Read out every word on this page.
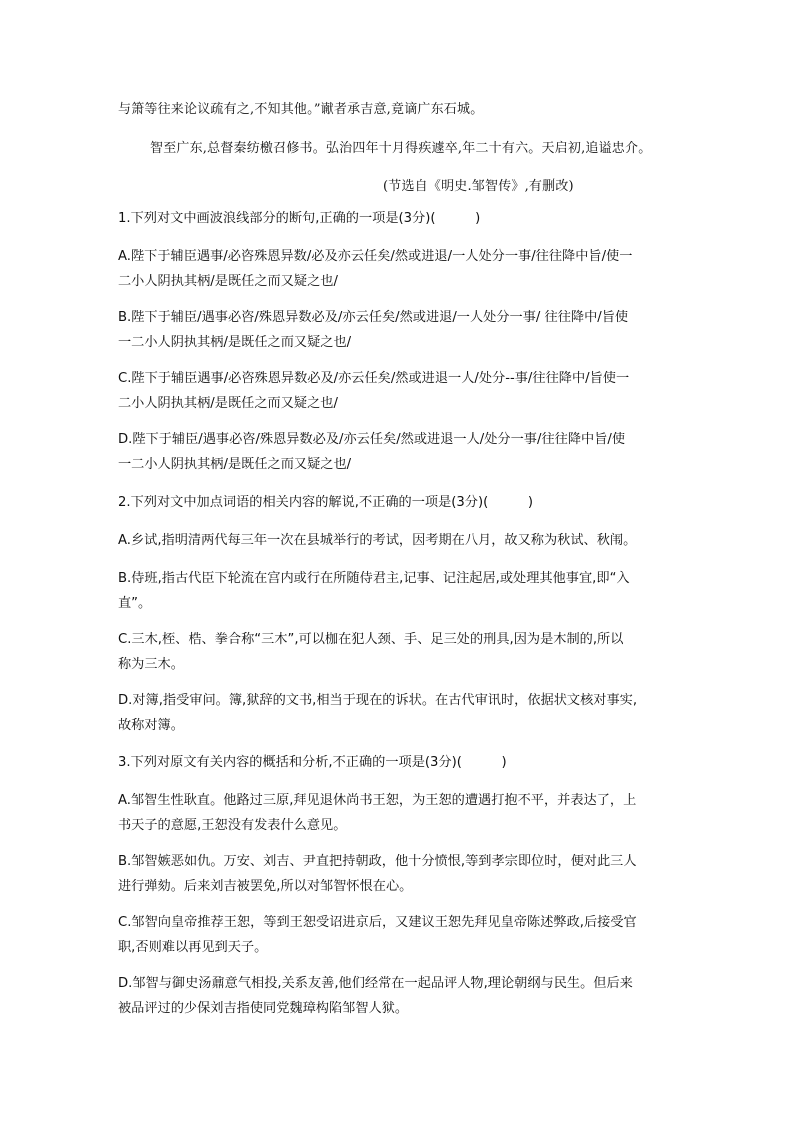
与箫等往来论议疏有之,不知其他。”谳者承吉意,竟谪广东石城。
智至广东,总督秦纺檄召修书。弘治四年十月得疾遽卒,年二十有六。天启初,追谥忠介。
(节选自《明史.邹智传》,有删改)
1.下列对文中画波浪线部分的断句,正确的一项是(3分)(　　　)
A.陛下于辅臣遇事/必咨殊恩异数/必及亦云任矣/然或进退/一人处分一事/往往降中旨/使一
二小人阴执其柄/是既任之而又疑之也/
B.陛下于辅臣/遇事必咨/殊恩异数必及/亦云任矣/然或进退/一人处分一事/ 往往降中/旨使
一二小人阴执其柄/是既任之而又疑之也/
C.陛下于辅臣遇事/必咨殊恩异数必及/亦云任矣/然或进退一人/处分--事/往往降中/旨使一
二小人阴执其柄/是既任之而又疑之也/
D.陛下于辅臣/遇事必咨/殊恩异数必及/亦云任矣/然或进退一人/处分一事/往往降中旨/使
一二小人阴执其柄/是既任之而又疑之也/
2.下列对文中加点词语的相关内容的解说,不正确的一项是(3分)(　　　)
A.乡试,指明清两代每三年一次在县城举行的考试，因考期在八月，故又称为秋试、秋闱。
B.侍班,指古代臣下轮流在宫内或行在所随侍君主,记事、记注起居,或处理其他事宜,即“入
直”。
C.三木,桎、梏、拳合称“三木”,可以枷在犯人颈、手、足三处的刑具,因为是木制的,所以
称为三木。
D.对簿,指受审问。簿,狱辞的文书,相当于现在的诉状。在古代审讯时，依据状文核对事实,
故称对簿。
3.下列对原文有关内容的概括和分析,不正确的一项是(3分)(　　　)
A.邹智生性耿直。他路过三原,拜见退休尚书王恕，为王恕的遭遇打抱不平，并表达了，上
书天子的意愿,王恕没有发表什么意见。
B.邹智嫉恶如仇。万安、刘吉、尹直把持朝政，他十分愤恨,等到孝宗即位时，便对此三人
进行弹劾。后来刘吉被罢免,所以对邹智怀恨在心。
C.邹智向皇帝推荐王恕，等到王恕受诏进京后，又建议王恕先拜见皇帝陈述弊政,后接受官
职,否则难以再见到天子。
D.邹智与御史汤鼐意气相投,关系友善,他们经常在一起品评人物,理论朝纲与民生。但后来
被品评过的少保刘吉指使同党魏璋构陷邹智人狱。
